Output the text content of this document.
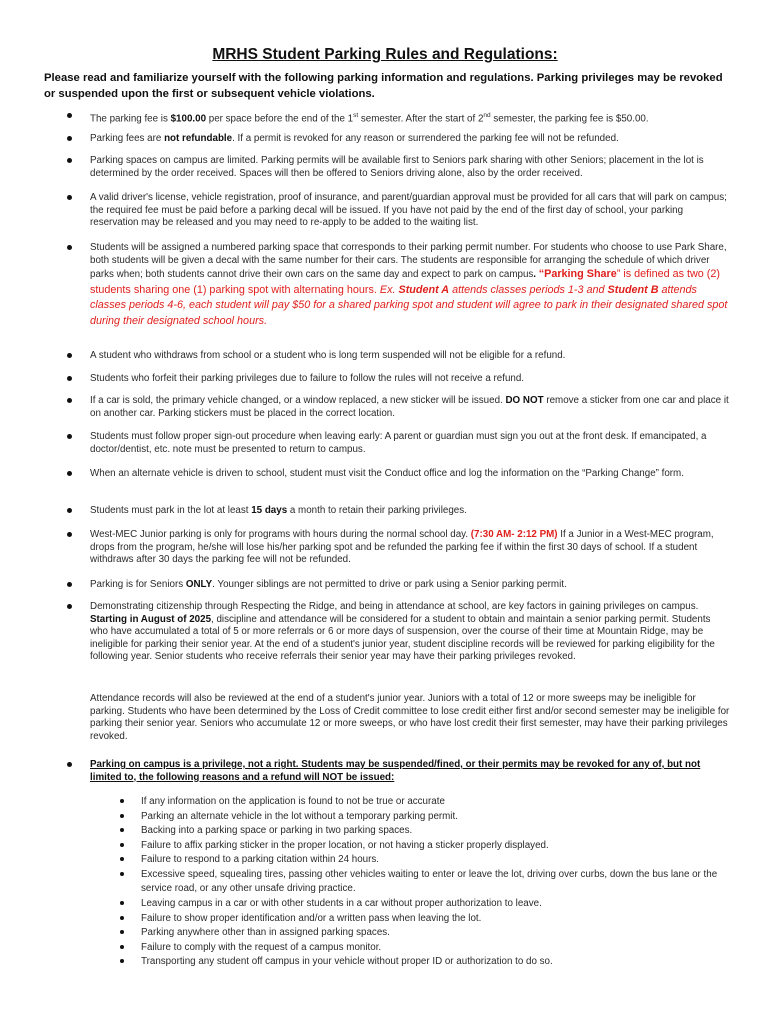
MRHS Student Parking Rules and Regulations:
Please read and familiarize yourself with the following parking information and regulations. Parking privileges may be revoked or suspended upon the first or subsequent vehicle violations.
The parking fee is $100.00 per space before the end of the 1st semester. After the start of 2nd semester, the parking fee is $50.00.
Parking fees are not refundable. If a permit is revoked for any reason or surrendered the parking fee will not be refunded.
Parking spaces on campus are limited. Parking permits will be available first to Seniors park sharing with other Seniors; placement in the lot is determined by the order received. Spaces will then be offered to Seniors driving alone, also by the order received.
A valid driver's license, vehicle registration, proof of insurance, and parent/guardian approval must be provided for all cars that will park on campus; the required fee must be paid before a parking decal will be issued. If you have not paid by the end of the first day of school, your parking reservation may be released and you may need to re-apply to be added to the waiting list.
Students will be assigned a numbered parking space that corresponds to their parking permit number. For students who choose to use Park Share, both students will be given a decal with the same number for their cars. The students are responsible for arranging the schedule of which driver parks when; both students cannot drive their own cars on the same day and expect to park on campus. “Parking Share” is defined as two (2) students sharing one (1) parking spot with alternating hours. Ex. Student A attends classes periods 1-3 and Student B attends classes periods 4-6, each student will pay $50 for a shared parking spot and student will agree to park in their designated shared spot during their designated school hours.
A student who withdraws from school or a student who is long term suspended will not be eligible for a refund.
Students who forfeit their parking privileges due to failure to follow the rules will not receive a refund.
If a car is sold, the primary vehicle changed, or a window replaced, a new sticker will be issued. DO NOT remove a sticker from one car and place it on another car. Parking stickers must be placed in the correct location.
Students must follow proper sign-out procedure when leaving early: A parent or guardian must sign you out at the front desk. If emancipated, a doctor/dentist, etc. note must be presented to return to campus.
When an alternate vehicle is driven to school, student must visit the Conduct office and log the information on the “Parking Change” form.
Students must park in the lot at least 15 days a month to retain their parking privileges.
West-MEC Junior parking is only for programs with hours during the normal school day. (7:30 AM- 2:12 PM) If a Junior in a West-MEC program, drops from the program, he/she will lose his/her parking spot and be refunded the parking fee if within the first 30 days of school. If a student withdraws after 30 days the parking fee will not be refunded.
Parking is for Seniors ONLY. Younger siblings are not permitted to drive or park using a Senior parking permit.
Demonstrating citizenship through Respecting the Ridge, and being in attendance at school, are key factors in gaining privileges on campus. Starting in August of 2025, discipline and attendance will be considered for a student to obtain and maintain a senior parking permit. Students who have accumulated a total of 5 or more referrals or 6 or more days of suspension, over the course of their time at Mountain Ridge, may be ineligible for parking their senior year. At the end of a student's junior year, student discipline records will be reviewed for parking eligibility for the following year. Senior students who receive referrals their senior year may have their parking privileges revoked.
Attendance records will also be reviewed at the end of a student's junior year. Juniors with a total of 12 or more sweeps may be ineligible for parking. Students who have been determined by the Loss of Credit committee to lose credit either first and/or second semester may be ineligible for parking their senior year. Seniors who accumulate 12 or more sweeps, or who have lost credit their first semester, may have their parking privileges revoked.
Parking on campus is a privilege, not a right. Students may be suspended/fined, or their permits may be revoked for any of, but not limited to, the following reasons and a refund will NOT be issued:
If any information on the application is found to not be true or accurate
Parking an alternate vehicle in the lot without a temporary parking permit.
Backing into a parking space or parking in two parking spaces.
Failure to affix parking sticker in the proper location, or not having a sticker properly displayed.
Failure to respond to a parking citation within 24 hours.
Excessive speed, squealing tires, passing other vehicles waiting to enter or leave the lot, driving over curbs, down the bus lane or the service road, or any other unsafe driving practice.
Leaving campus in a car or with other students in a car without proper authorization to leave.
Failure to show proper identification and/or a written pass when leaving the lot.
Parking anywhere other than in assigned parking spaces.
Failure to comply with the request of a campus monitor.
Transporting any student off campus in your vehicle without proper ID or authorization to do so.
